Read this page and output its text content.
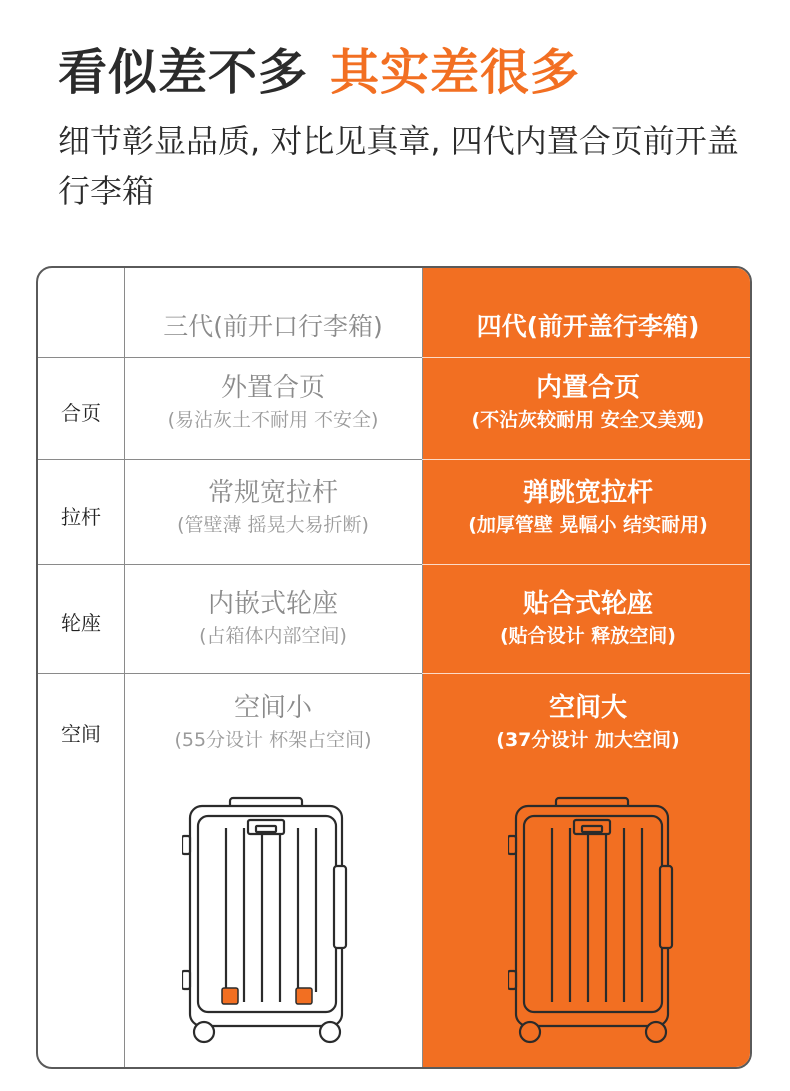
看似差不多 其实差很多
细节彰显品质, 对比见真章, 四代内置合页前开盖行李箱
三代(前开口行李箱)	四代(前开盖行李箱)
合页
外置合页
(易沾灰土不耐用 不安全)
内置合页
(不沾灰较耐用 安全又美观)
拉杆
常规宽拉杆
(管壁薄 摇晃大易折断)
弹跳宽拉杆
(加厚管壁 晃幅小 结实耐用)
轮座
内嵌式轮座
(占箱体内部空间)
贴合式轮座
(贴合设计 释放空间)
空间
空间小
(55分设计 杯架占空间)
空间大
(37分设计 加大空间)
